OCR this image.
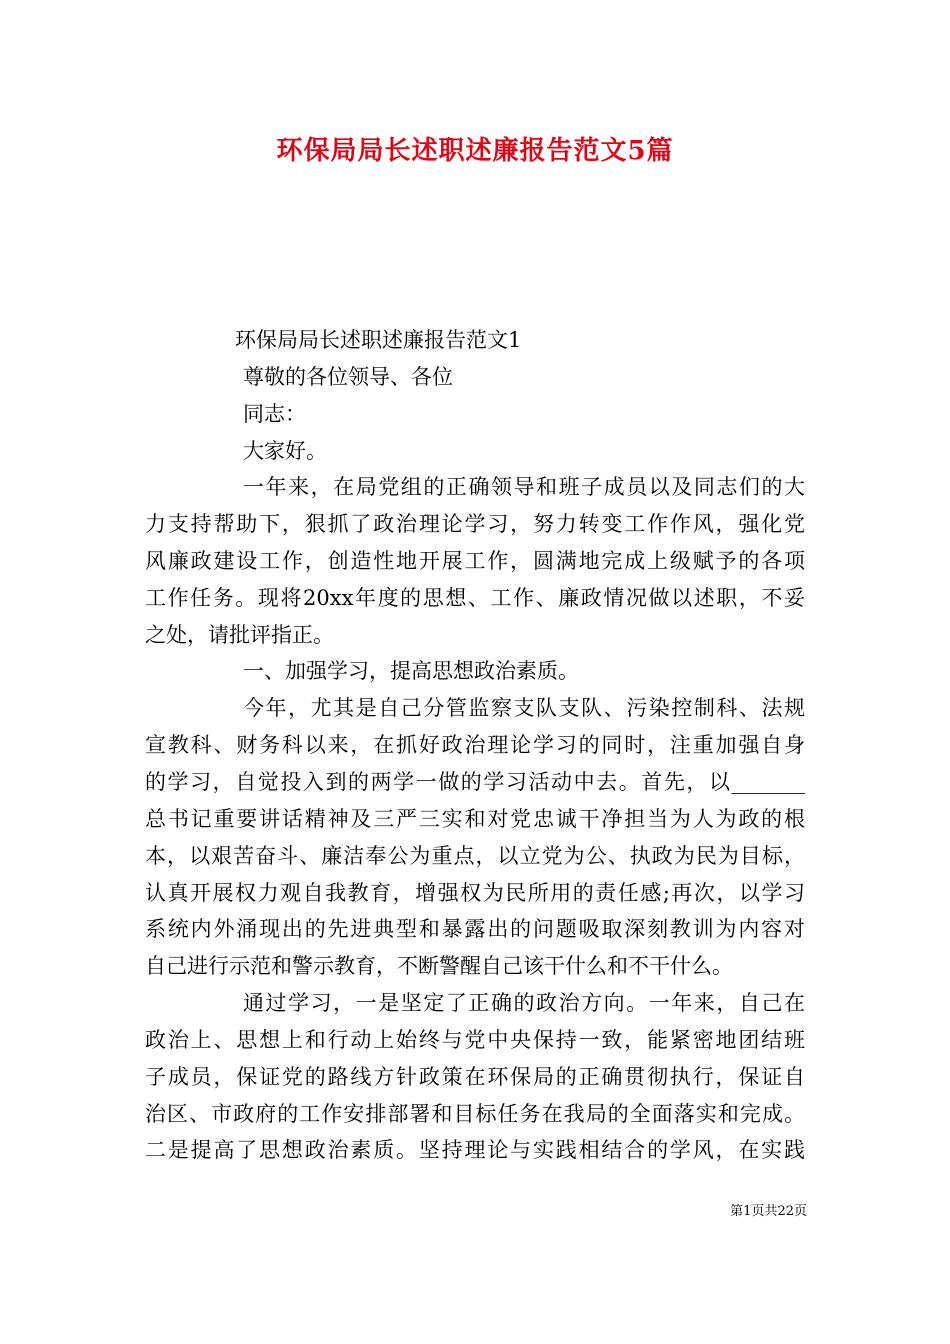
环保局局长述职述廉报告范文5篇
环保局局长述职述廉报告范文1
尊敬的各位领导、各位
同志：
大家好。
一年来，在局党组的正确领导和班子成员以及同志们的大
力支持帮助下，狠抓了政治理论学习，努力转变工作作风，强化党
风廉政建设工作，创造性地开展工作，圆满地完成上级赋予的各项
工作任务。现将20xx年度的思想、工作、廉政情况做以述职，不妥
之处，请批评指正。
一、加强学习，提高思想政治素质。
今年，尤其是自己分管监察支队支队、污染控制科、法规
宣教科、财务科以来，在抓好政治理论学习的同时，注重加强自身
的学习，自觉投入到的两学一做的学习活动中去。首先，以_______
总书记重要讲话精神及三严三实和对党忠诚干净担当为人为政的根
本，以艰苦奋斗、廉洁奉公为重点，以立党为公、执政为民为目标，
认真开展权力观自我教育，增强权为民所用的责任感;再次，以学习
系统内外涌现出的先进典型和暴露出的问题吸取深刻教训为内容对
自己进行示范和警示教育，不断警醒自己该干什么和不干什么。
通过学习，一是坚定了正确的政治方向。一年来，自己在
政治上、思想上和行动上始终与党中央保持一致，能紧密地团结班
子成员，保证党的路线方针政策在环保局的正确贯彻执行，保证自
治区、市政府的工作安排部署和目标任务在我局的全面落实和完成。
二是提高了思想政治素质。坚持理论与实践相结合的学风，在实践
第1页共22页
